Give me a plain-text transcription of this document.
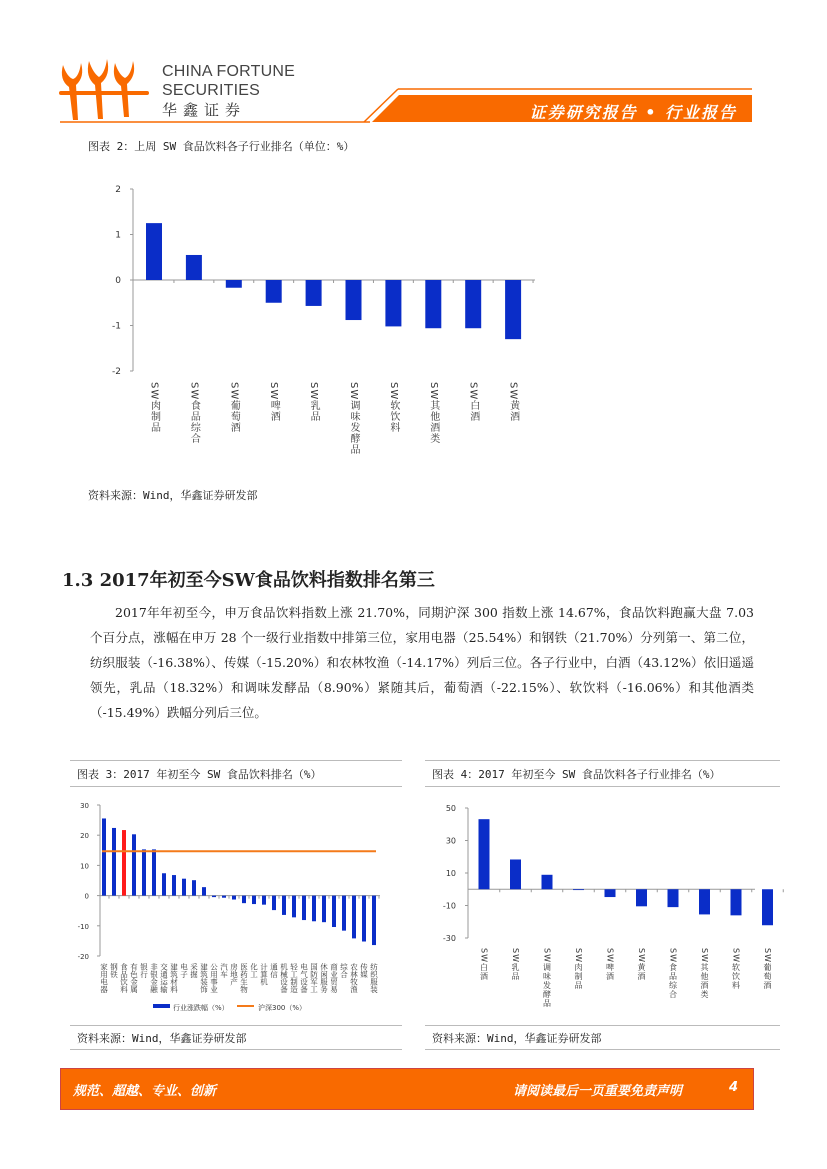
CHINA FORTUNE
SECURITIES
华鑫证券	证券研究报告 • 行业报告
图表 2：上周 SW 食品饮料各子行业排名（单位：%）
资料来源：Wind，华鑫证券研发部
1.3 2017年初至今SW食品饮料指数排名第三
2017年年初至今，申万食品饮料指数上涨 21.70%，同期沪深 300 指数上涨 14.67%，食品饮料跑赢大盘 7.03 个百分点，涨幅在申万 28 个一级行业指数中排第三位，家用电器（25.54%）和钢铁（21.70%）分列第一、第二位，纺织服装（-16.38%）、传媒（-15.20%）和农林牧渔（-14.17%）列后三位。各子行业中，白酒（43.12%）依旧遥遥领先，乳品（18.32%）和调味发酵品（8.90%）紧随其后，葡萄酒（-22.15%）、软饮料（-16.06%）和其他酒类（-15.49%）跌幅分列后三位。
图表 3：2017 年初至今 SW 食品饮料排名（%）
资料来源：Wind，华鑫证券研发部
图表 4：2017 年初至今 SW 食品饮料各子行业排名（%）
资料来源：Wind，华鑫证券研发部
2
1
0
-1
-2
SW肉制品	SW食品综合	SW葡萄酒	SW啤酒	SW乳品	SW调味发酵品	SW软饮料	SW其他酒类	SW白酒	SW黄酒
30
20
10
0
-10
-20
家用电器 钢铁 食品饮料 有色金属 银行 非银金融 交通运输 建筑材料 电子 采掘 建筑装饰 公用事业 汽车 房地产 医药生物 化工 计算机 通信 机械设备 轻工制造 电气设备 国防军工 休闲服务 商业贸易 综合 农林牧渔 传媒 纺织服装
行业涨跌幅（%）	沪深300（%）
50
30
10
-10
-30
SW白酒	SW乳品	SW调味发酵品	SW肉制品	SW啤酒	SW黄酒	SW食品综合	SW其他酒类	SW软饮料	SW葡萄酒
规范、超越、专业、创新	请阅读最后一页重要免责声明	4
